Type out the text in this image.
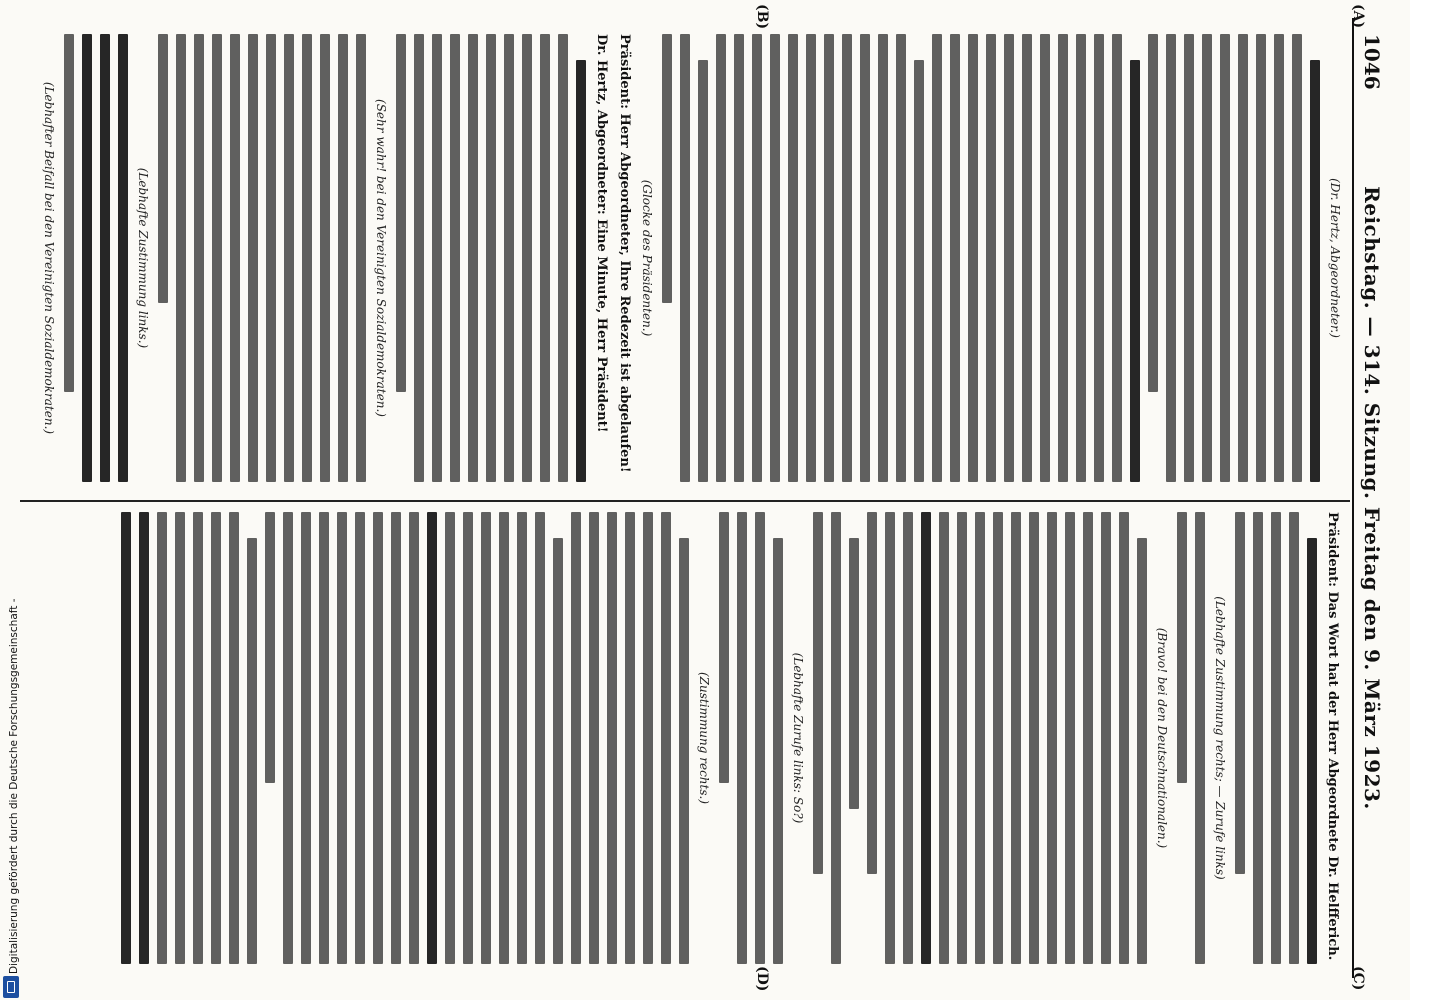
1046
Reichstag. — 314. Sitzung. Freitag den 9. März 1923.
(A)
(B)
(C)
(D)
(Dr. Hertz, Abgeordneter.)
(Glocke des Präsidenten.)
Präsident: Herr Abgeordneter, Ihre Redezeit ist abgelaufen!
Dr. Hertz, Abgeordneter: Eine Minute, Herr Präsident!
(Sehr wahr! bei den Vereinigten Sozialdemokraten.)
(Lebhafte Zustimmung links.)
(Lebhafter Beifall bei den Vereinigten Sozialdemokraten.)
Präsident: Das Wort hat der Herr Abgeordnete Dr. Helfferich.
(Lebhafte Zustimmung rechts; — Zurufe links)
(Bravo! bei den Deutschnationalen.)
(Lebhafte Zurufe links: So?)
(Zustimmung rechts.)
Digitalisierung gefördert durch die Deutsche Forschungsgemeinschaft -
